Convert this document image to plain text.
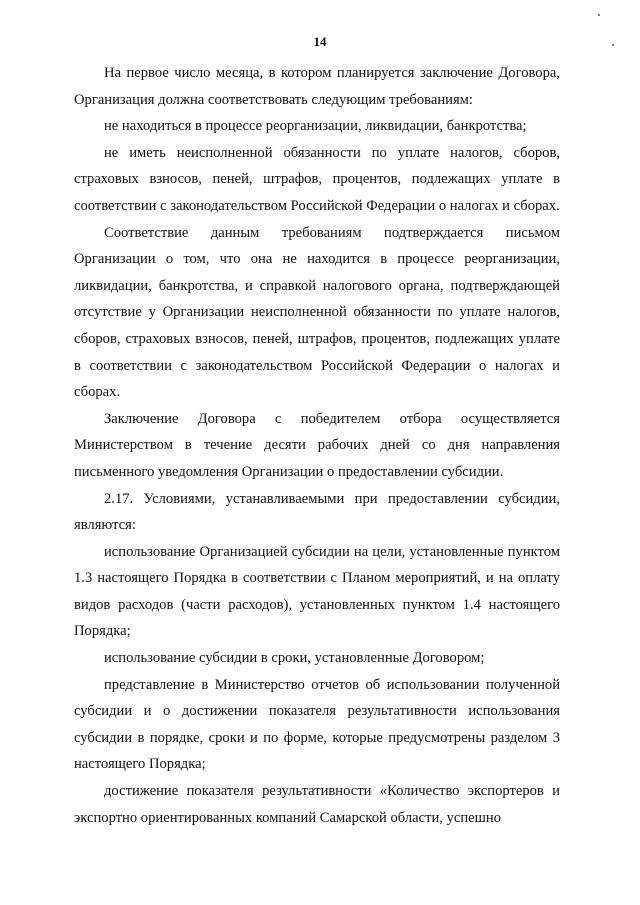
14

На первое число месяца, в котором планируется заключение Договора, Организация должна соответствовать следующим требованиям:

не находиться в процессе реорганизации, ликвидации, банкротства;

не иметь неисполненной обязанности по уплате налогов, сборов, страховых взносов, пеней, штрафов, процентов, подлежащих уплате в соответствии с законодательством Российской Федерации о налогах и сборах.

Соответствие данным требованиям подтверждается письмом Организации о том, что она не находится в процессе реорганизации, ликвидации, банкротства, и справкой налогового органа, подтверждающей отсутствие у Организации неисполненной обязанности по уплате налогов, сборов, страховых взносов, пеней, штрафов, процентов, подлежащих уплате в соответствии с законодательством Российской Федерации о налогах и сборах.

Заключение Договора с победителем отбора осуществляется Министерством в течение десяти рабочих дней со дня направления письменного уведомления Организации о предоставлении субсидии.

2.17. Условиями, устанавливаемыми при предоставлении субсидии, являются:

использование Организацией субсидии на цели, установленные пунктом 1.3 настоящего Порядка в соответствии с Планом мероприятий, и на оплату видов расходов (части расходов), установленных пунктом 1.4 настоящего Порядка;

использование субсидии в сроки, установленные Договором;

представление в Министерство отчетов об использовании полученной субсидии и о достижении показателя результативности использования субсидии в порядке, сроки и по форме, которые предусмотрены разделом 3 настоящего Порядка;

достижение показателя результативности «Количество экспортеров и экспортно ориентированных компаний Самарской области, успешно
